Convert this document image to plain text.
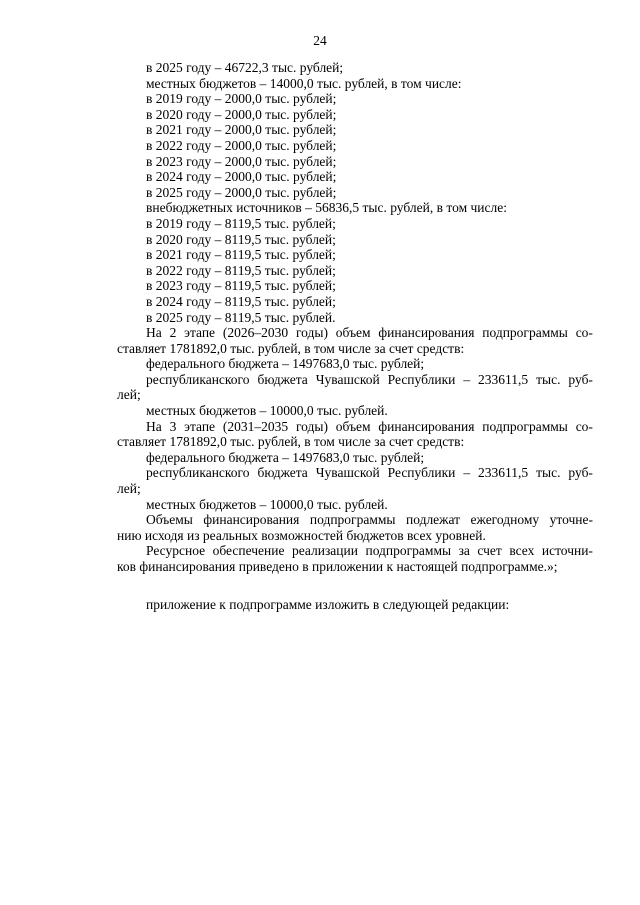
24
в 2025 году – 46722,3 тыс. рублей;
местных бюджетов – 14000,0 тыс. рублей, в том числе:
в 2019 году – 2000,0 тыс. рублей;
в 2020 году – 2000,0 тыс. рублей;
в 2021 году – 2000,0 тыс. рублей;
в 2022 году – 2000,0 тыс. рублей;
в 2023 году – 2000,0 тыс. рублей;
в 2024 году – 2000,0 тыс. рублей;
в 2025 году – 2000,0 тыс. рублей;
внебюджетных источников – 56836,5 тыс. рублей, в том числе:
в 2019 году – 8119,5 тыс. рублей;
в 2020 году – 8119,5 тыс. рублей;
в 2021 году – 8119,5 тыс. рублей;
в 2022 году – 8119,5 тыс. рублей;
в 2023 году – 8119,5 тыс. рублей;
в 2024 году – 8119,5 тыс. рублей;
в 2025 году – 8119,5 тыс. рублей.
На 2 этапе (2026–2030 годы) объем финансирования подпрограммы со-
ставляет 1781892,0 тыс. рублей, в том числе за счет средств:
федерального бюджета – 1497683,0 тыс. рублей;
республиканского бюджета Чувашской Республики – 233611,5 тыс. руб-
лей;
местных бюджетов – 10000,0 тыс. рублей.
На 3 этапе (2031–2035 годы) объем финансирования подпрограммы со-
ставляет 1781892,0 тыс. рублей, в том числе за счет средств:
федерального бюджета – 1497683,0 тыс. рублей;
республиканского бюджета Чувашской Республики – 233611,5 тыс. руб-
лей;
местных бюджетов – 10000,0 тыс. рублей.
Объемы финансирования подпрограммы подлежат ежегодному уточне-
нию исходя из реальных возможностей бюджетов всех уровней.
Ресурсное обеспечение реализации подпрограммы за счет всех источни-
ков финансирования приведено в приложении к настоящей подпрограмме.»;
приложение к подпрограмме изложить в следующей редакции:
